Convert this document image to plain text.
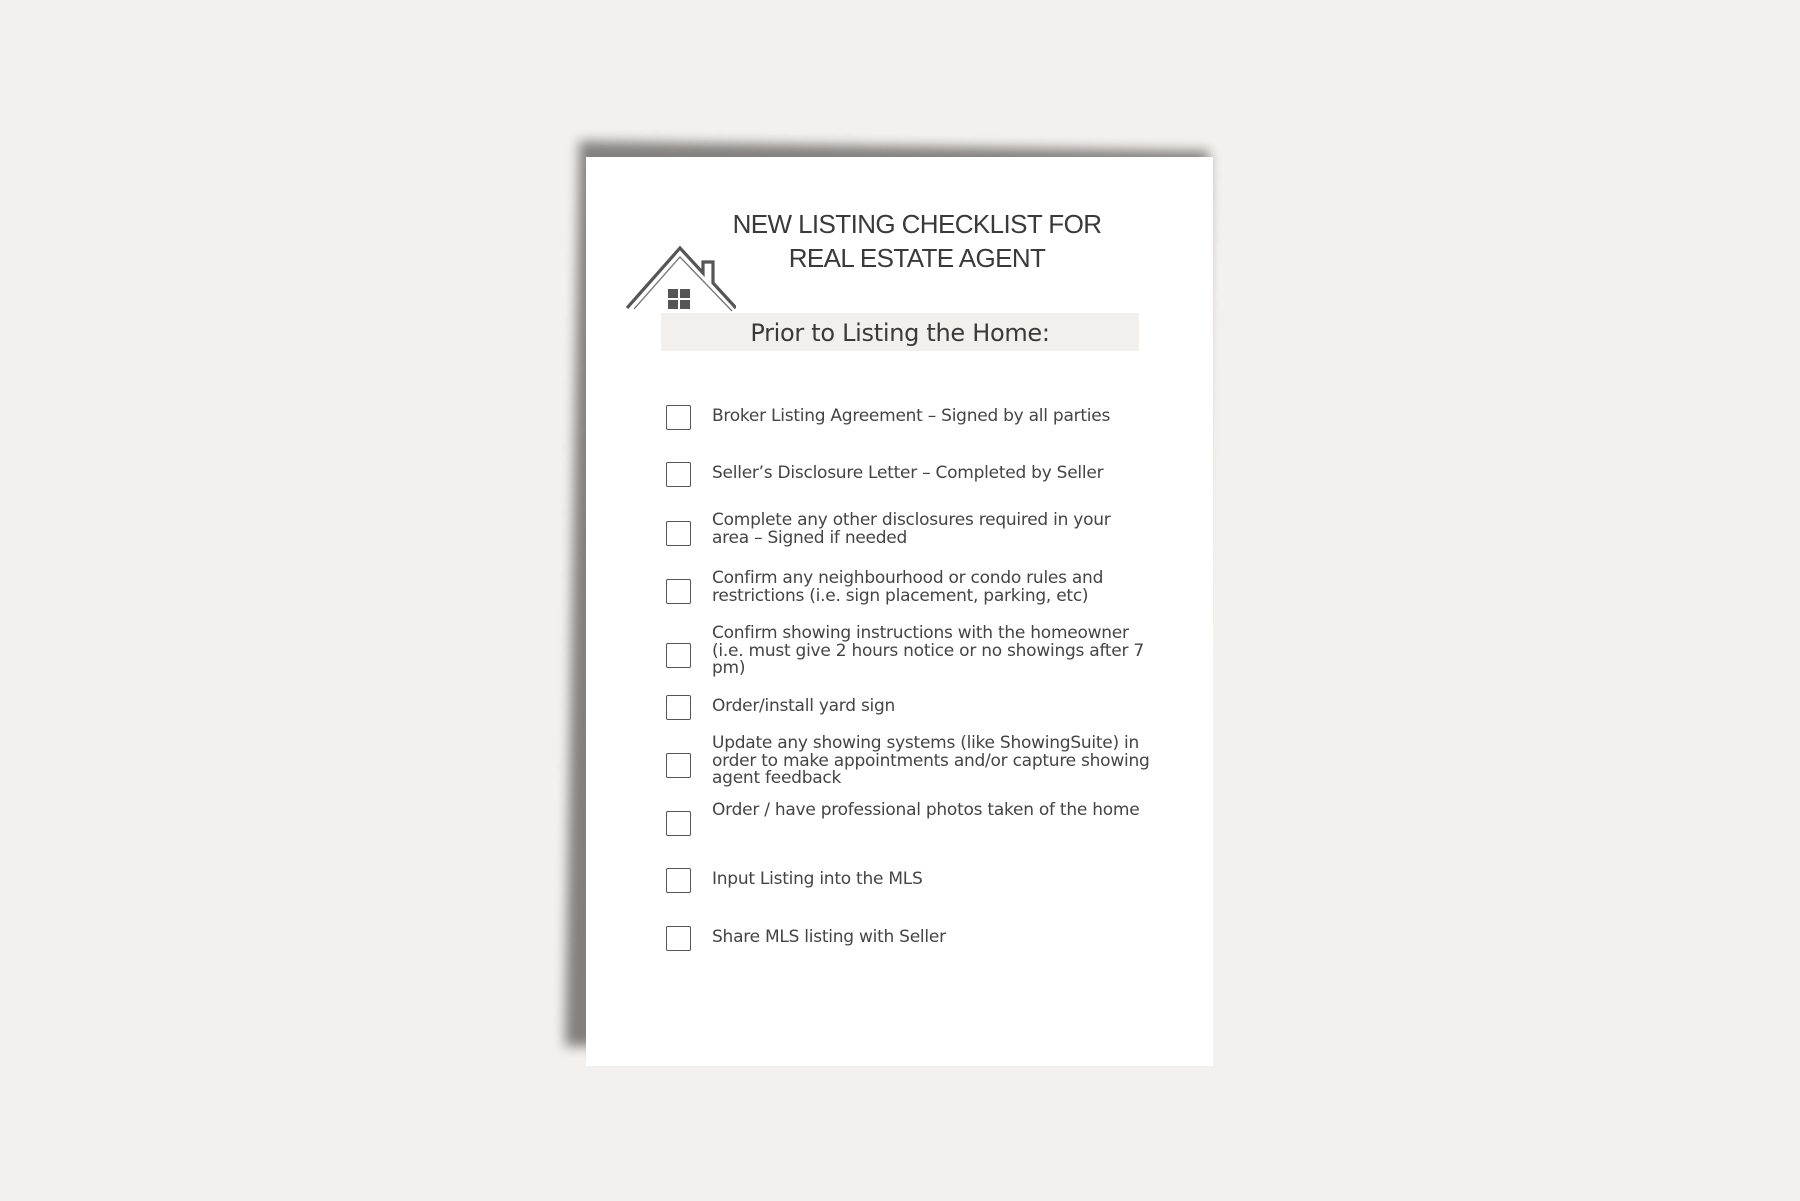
NEW LISTING CHECKLIST FOR
REAL ESTATE AGENT
Prior to Listing the Home:
Broker Listing Agreement – Signed by all parties
Seller’s Disclosure Letter – Completed by Seller
Complete any other disclosures required in your area – Signed if needed
Confirm any neighbourhood or condo rules and restrictions (i.e. sign placement, parking, etc)
Confirm showing instructions with the homeowner (i.e. must give 2 hours notice or no showings after 7 pm)
Order/install yard sign
Update any showing systems (like ShowingSuite) in order to make appointments and/or capture showing agent feedback
Order / have professional photos taken of the home
Input Listing into the MLS
Share MLS listing with Seller
